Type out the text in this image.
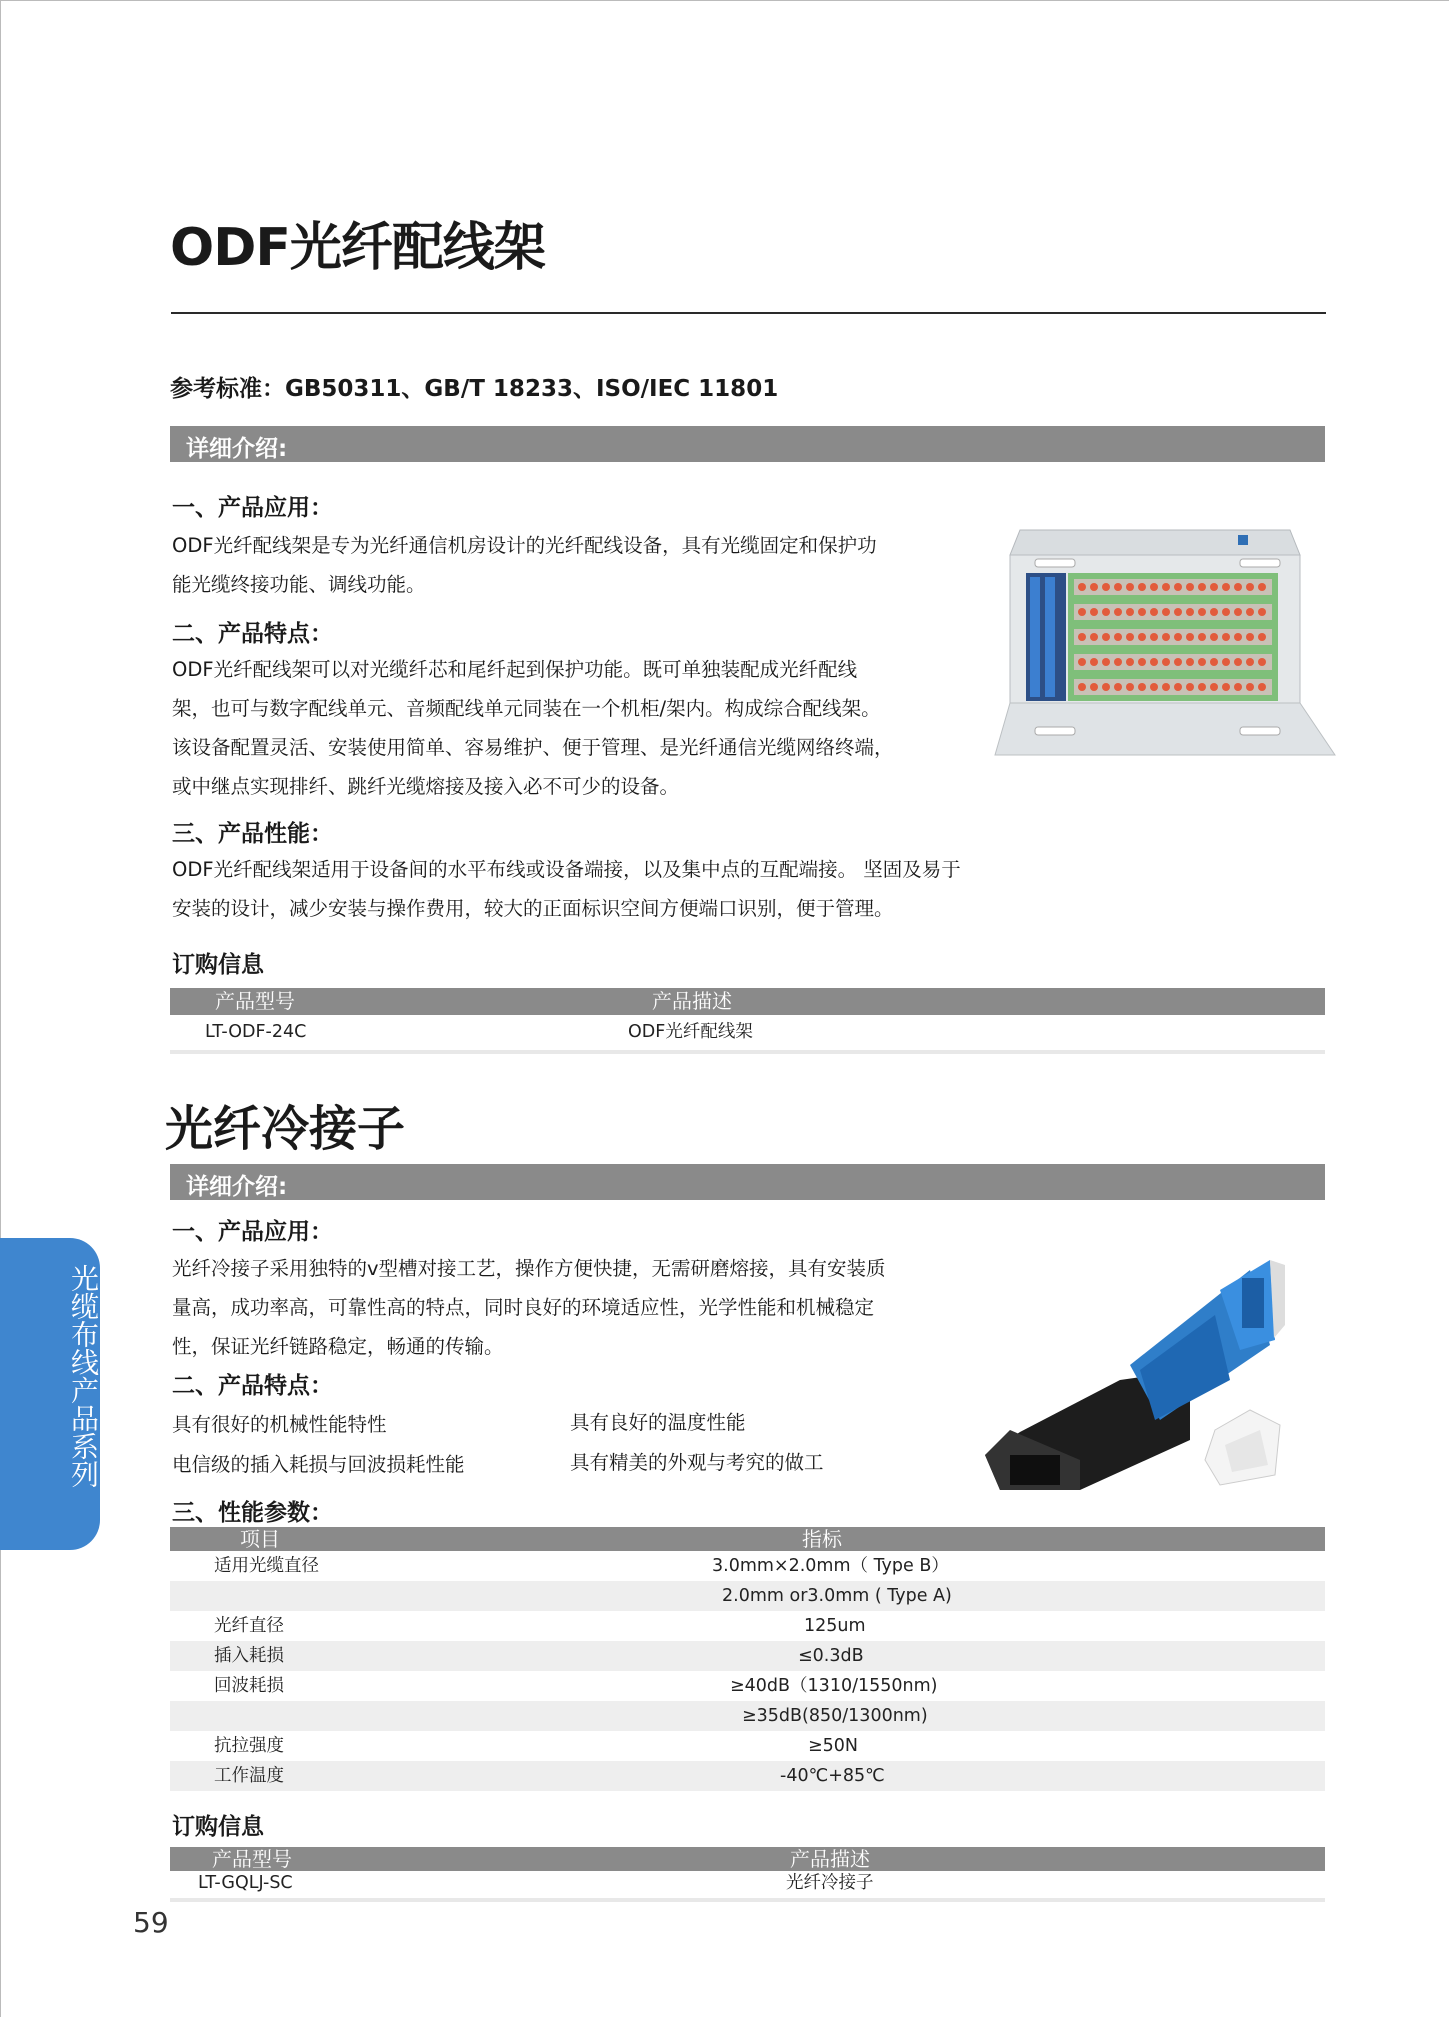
ODF光纤配线架
参考标准：GB50311、GB/T 18233、ISO/IEC 11801
详细介绍:
一、产品应用：
ODF光纤配线架是专为光纤通信机房设计的光纤配线设备，具有光缆固定和保护功
能光缆终接功能、调线功能。
二、产品特点：
ODF光纤配线架可以对光缆纤芯和尾纤起到保护功能。既可单独装配成光纤配线
架，也可与数字配线单元、音频配线单元同装在一个机柜/架内。构成综合配线架。
该设备配置灵活、安装使用简单、容易维护、便于管理、是光纤通信光缆网络终端，
或中继点实现排纤、跳纤光缆熔接及接入必不可少的设备。
三、产品性能：
ODF光纤配线架适用于设备间的水平布线或设备端接，以及集中点的互配端接。 坚固及易于
安装的设计，减少安装与操作费用，较大的正面标识空间方便端口识别，便于管理。
订购信息
产品型号	产品描述
LT-ODF-24C	ODF光纤配线架
光纤冷接子
详细介绍:
一、产品应用：
光纤冷接子采用独特的v型槽对接工艺，操作方便快捷，无需研磨熔接，具有安装质
量高，成功率高，可靠性高的特点，同时良好的环境适应性，光学性能和机械稳定
性，保证光纤链路稳定，畅通的传输。
二、产品特点：
具有很好的机械性能特性	具有良好的温度性能
电信级的插入耗损与回波损耗性能	具有精美的外观与考究的做工
三、性能参数：
项目	指标
适用光缆直径	3.0mm×2.0mm（ Type B）
2.0mm or3.0mm ( Type A)
光纤直径	125um
插入耗损	≤0.3dB
回波耗损	≥40dB（1310/1550nm)
≥35dB(850/1300nm)
抗拉强度	≥50N
工作温度	-40℃+85℃
订购信息
产品型号	产品描述
LT-GQLJ-SC	光纤冷接子
光缆布线产品系列
59
